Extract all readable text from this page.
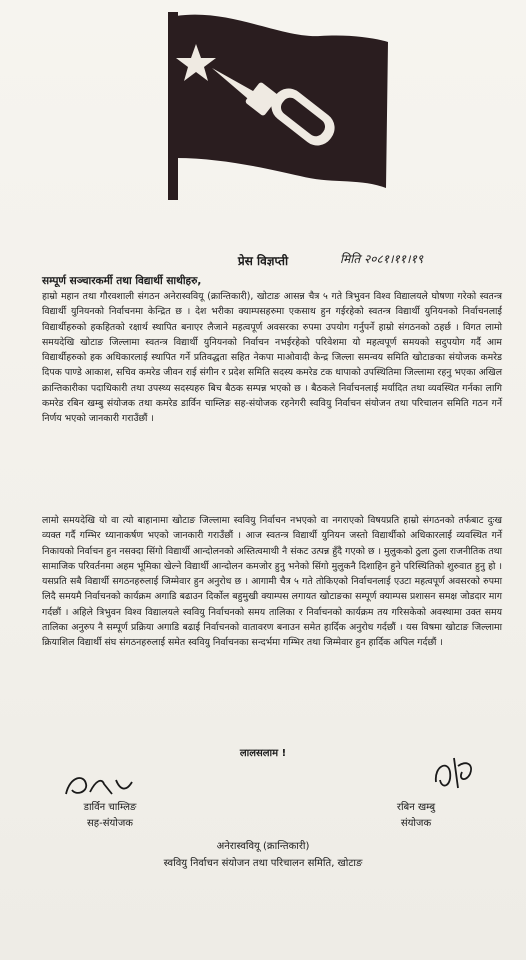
प्रेस विज्ञप्ती	मिति २०८१।११।१९
सम्पूर्ण सञ्चारकर्मी तथा विद्यार्थी साथीहरु,

हाम्रो महान तथा गौरवशाली संगठन अनेरास्ववियू (क्रान्तिकारी), खोटाङ आसन्न चैत्र ५ गते त्रिभुवन विश्व विद्यालयले घोषणा गरेको स्वतन्त्र विद्यार्थी युनियनको निर्वाचनमा केन्द्रित छ । देश भरीका क्याम्पसहरुमा एकसाथ हुन गईरहेको स्वतन्त्र विद्यार्थी युनियनको निर्वाचनलाई विद्यार्थीहरुको हकहितको रक्षार्थ स्थापित बनाएर लैजाने महत्वपूर्ण अवसरका रुपमा उपयोग गर्नुपर्ने हाम्रो संगठनको ठहर्छ । विगत लामो समयदेखि खोटाङ जिल्लामा स्वतन्त्र विद्यार्थी युनियनको निर्वाचन नभईरहेको परिवेशमा यो महत्वपूर्ण समयको सदुपयोग गर्दै आम विद्यार्थीहरुको हक अधिकारलाई स्थापित गर्ने प्रतिवद्धता सहित नेकपा माओवादी केन्द्र जिल्ला समन्वय समिति खोटाङका संयोजक कमरेड दिपक पाण्डे आकाश, सचिव कमरेड जीवन राई संगीन र प्रदेश समिति सदस्य कमरेड टक धापाको उपस्थितिमा जिल्लामा रहनु भएका अखिल क्रान्तिकारीका पदाधिकारी तथा उपस्थ्य सदस्यहरु बिच बैठक सम्पन्न भएको छ । बैठकले निर्वाचनलाई मर्यादित तथा व्यवस्थित गर्नका लागि कमरेड रबिन खम्बु संयोजक तथा कमरेड डार्विन चाम्लिङ सह-संयोजक रहनेगरी स्ववियु निर्वाचन संयोजन तथा परिचालन समिति गठन गर्ने निर्णय भएको जानकारी गराउँछौं ।

लामो समयदेखि यो वा त्यो बाहानामा खोटाङ जिल्लामा स्ववियु निर्वाचन नभएको वा नगराएको विषयप्रति हाम्रो संगठनको तर्फबाट दुःख व्यक्त गर्दै गम्भिर ध्यानाकर्षण भएको जानकारी गराउँछौं । आज स्वतन्त्र विद्यार्थी युनियन जस्तो विद्यार्थीको अधिकारलाई व्यवस्थित गर्ने निकायको निर्वाचन हुन नसक्दा सिंगो विद्यार्थी आन्दोलनको अस्तित्वमाथी नै संकट उत्पन्न हुँदै गएको छ । मुलुकको ठुला ठुला राजनीतिक तथा सामाजिक परिवर्तनमा अहम भूमिका खेल्ने विद्यार्थी आन्दोलन कमजोर हुनु भनेको सिंगो मुलुकनै दिशाहिन हुने परिस्थितिको शुरुवात हुनु हो । यसप्रति सबै विद्यार्थी सगठनहरुलाई जिम्मेवार हुन अनुरोध छ । आगामी चैत्र ५ गते तोकिएको निर्वाचनलाई एउटा महत्वपूर्ण अवसरको रुपमा लिदै समयमै निर्वाचनको कार्यक्रम अगाडि बढाउन दिर्कोल बहुमुखी क्याम्पस लगायत खोटाङका सम्पूर्ण क्याम्पस प्रशासन समक्ष जोडदार माग गर्दछौं । अहिले त्रिभुवन विश्व विद्यालयले स्ववियु निर्वाचनको समय तालिका र निर्वाचनको कार्यक्रम तय गरिसकेको अवस्थामा उक्त समय तालिका अनुरुप नै सम्पूर्ण प्रक्रिया अगाडि बढाई निर्वाचनको वातावरण बनाउन समेत हार्दिक अनुरोध गर्दछौं । यस विषमा खोटाङ जिल्लामा क्रियाशिल विद्यार्थी संघ संगठनहरुलाई समेत स्ववियु निर्वाचनका सन्दर्भमा गम्भिर तथा जिम्मेवार हुन हार्दिक अपिल गर्दछौं ।

लालसलाम !
डार्विन चाम्लिङ
सह-संयोजक
रबिन खम्बु
संयोजक
अनेरास्ववियू (क्रान्तिकारी)
स्ववियु निर्वाचन संयोजन तथा परिचालन समिति, खोटाङ
